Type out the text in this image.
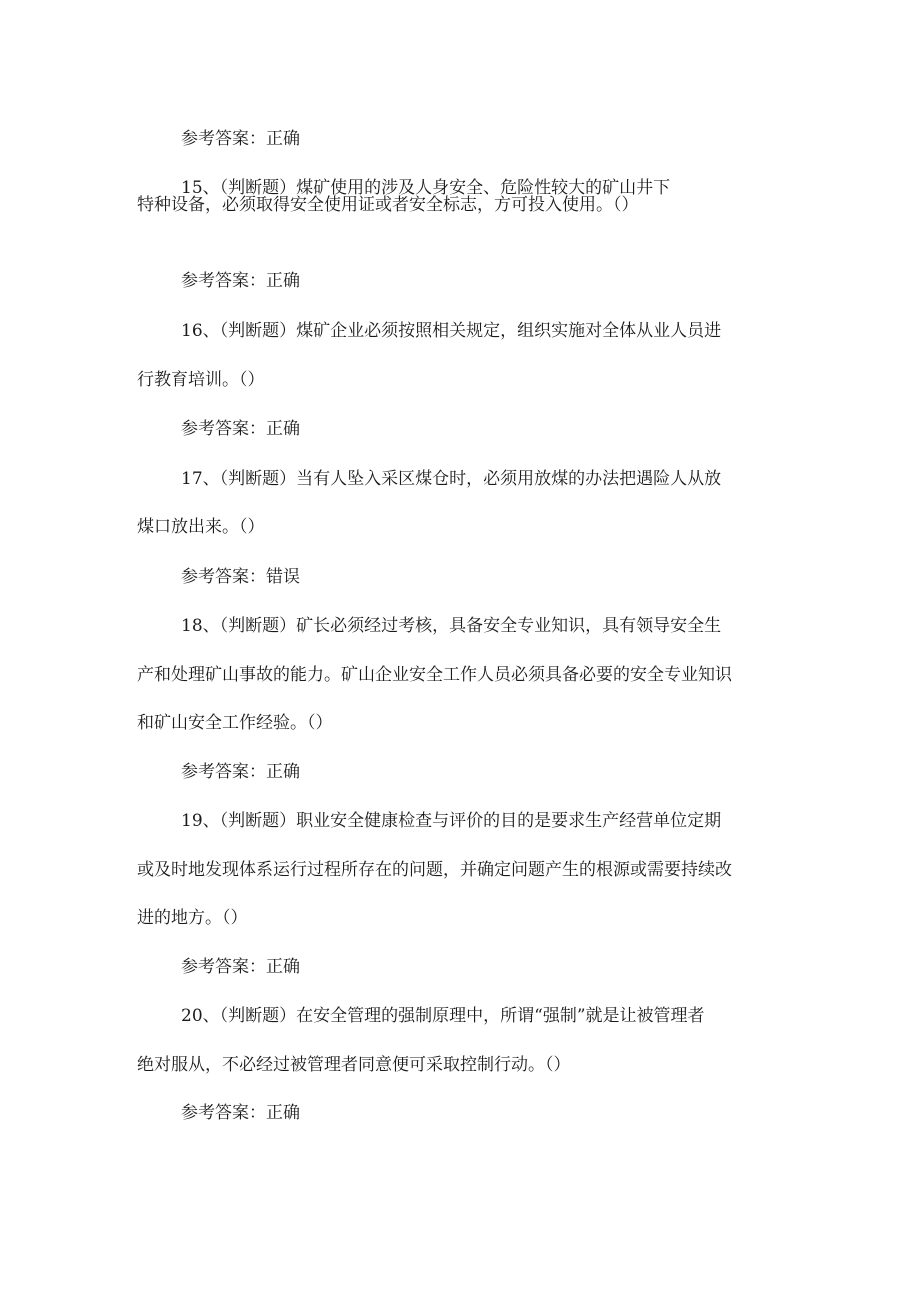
参考答案：正确
15、（判断题）煤矿使用的涉及人身安全、危险性较大的矿山井下
特种设备，必须取得安全使用证或者安全标志，方可投入使用。（）
参考答案：正确
16、（判断题）煤矿企业必须按照相关规定，组织实施对全体从业人员进
行教育培训。（）
参考答案：正确
17、（判断题）当有人坠入采区煤仓时，必须用放煤的办法把遇险人从放
煤口放出来。（）
参考答案：错误
18、（判断题）矿长必须经过考核，具备安全专业知识，具有领导安全生
产和处理矿山事故的能力。矿山企业安全工作人员必须具备必要的安全专业知识
和矿山安全工作经验。（）
参考答案：正确
19、（判断题）职业安全健康检查与评价的目的是要求生产经营单位定期
或及时地发现体系运行过程所存在的问题，并确定问题产生的根源或需要持续改
进的地方。（）
参考答案：正确
20、（判断题）在安全管理的强制原理中，所谓“强制”就是让被管理者
绝对服从，不必经过被管理者同意便可采取控制行动。（）
参考答案：正确
